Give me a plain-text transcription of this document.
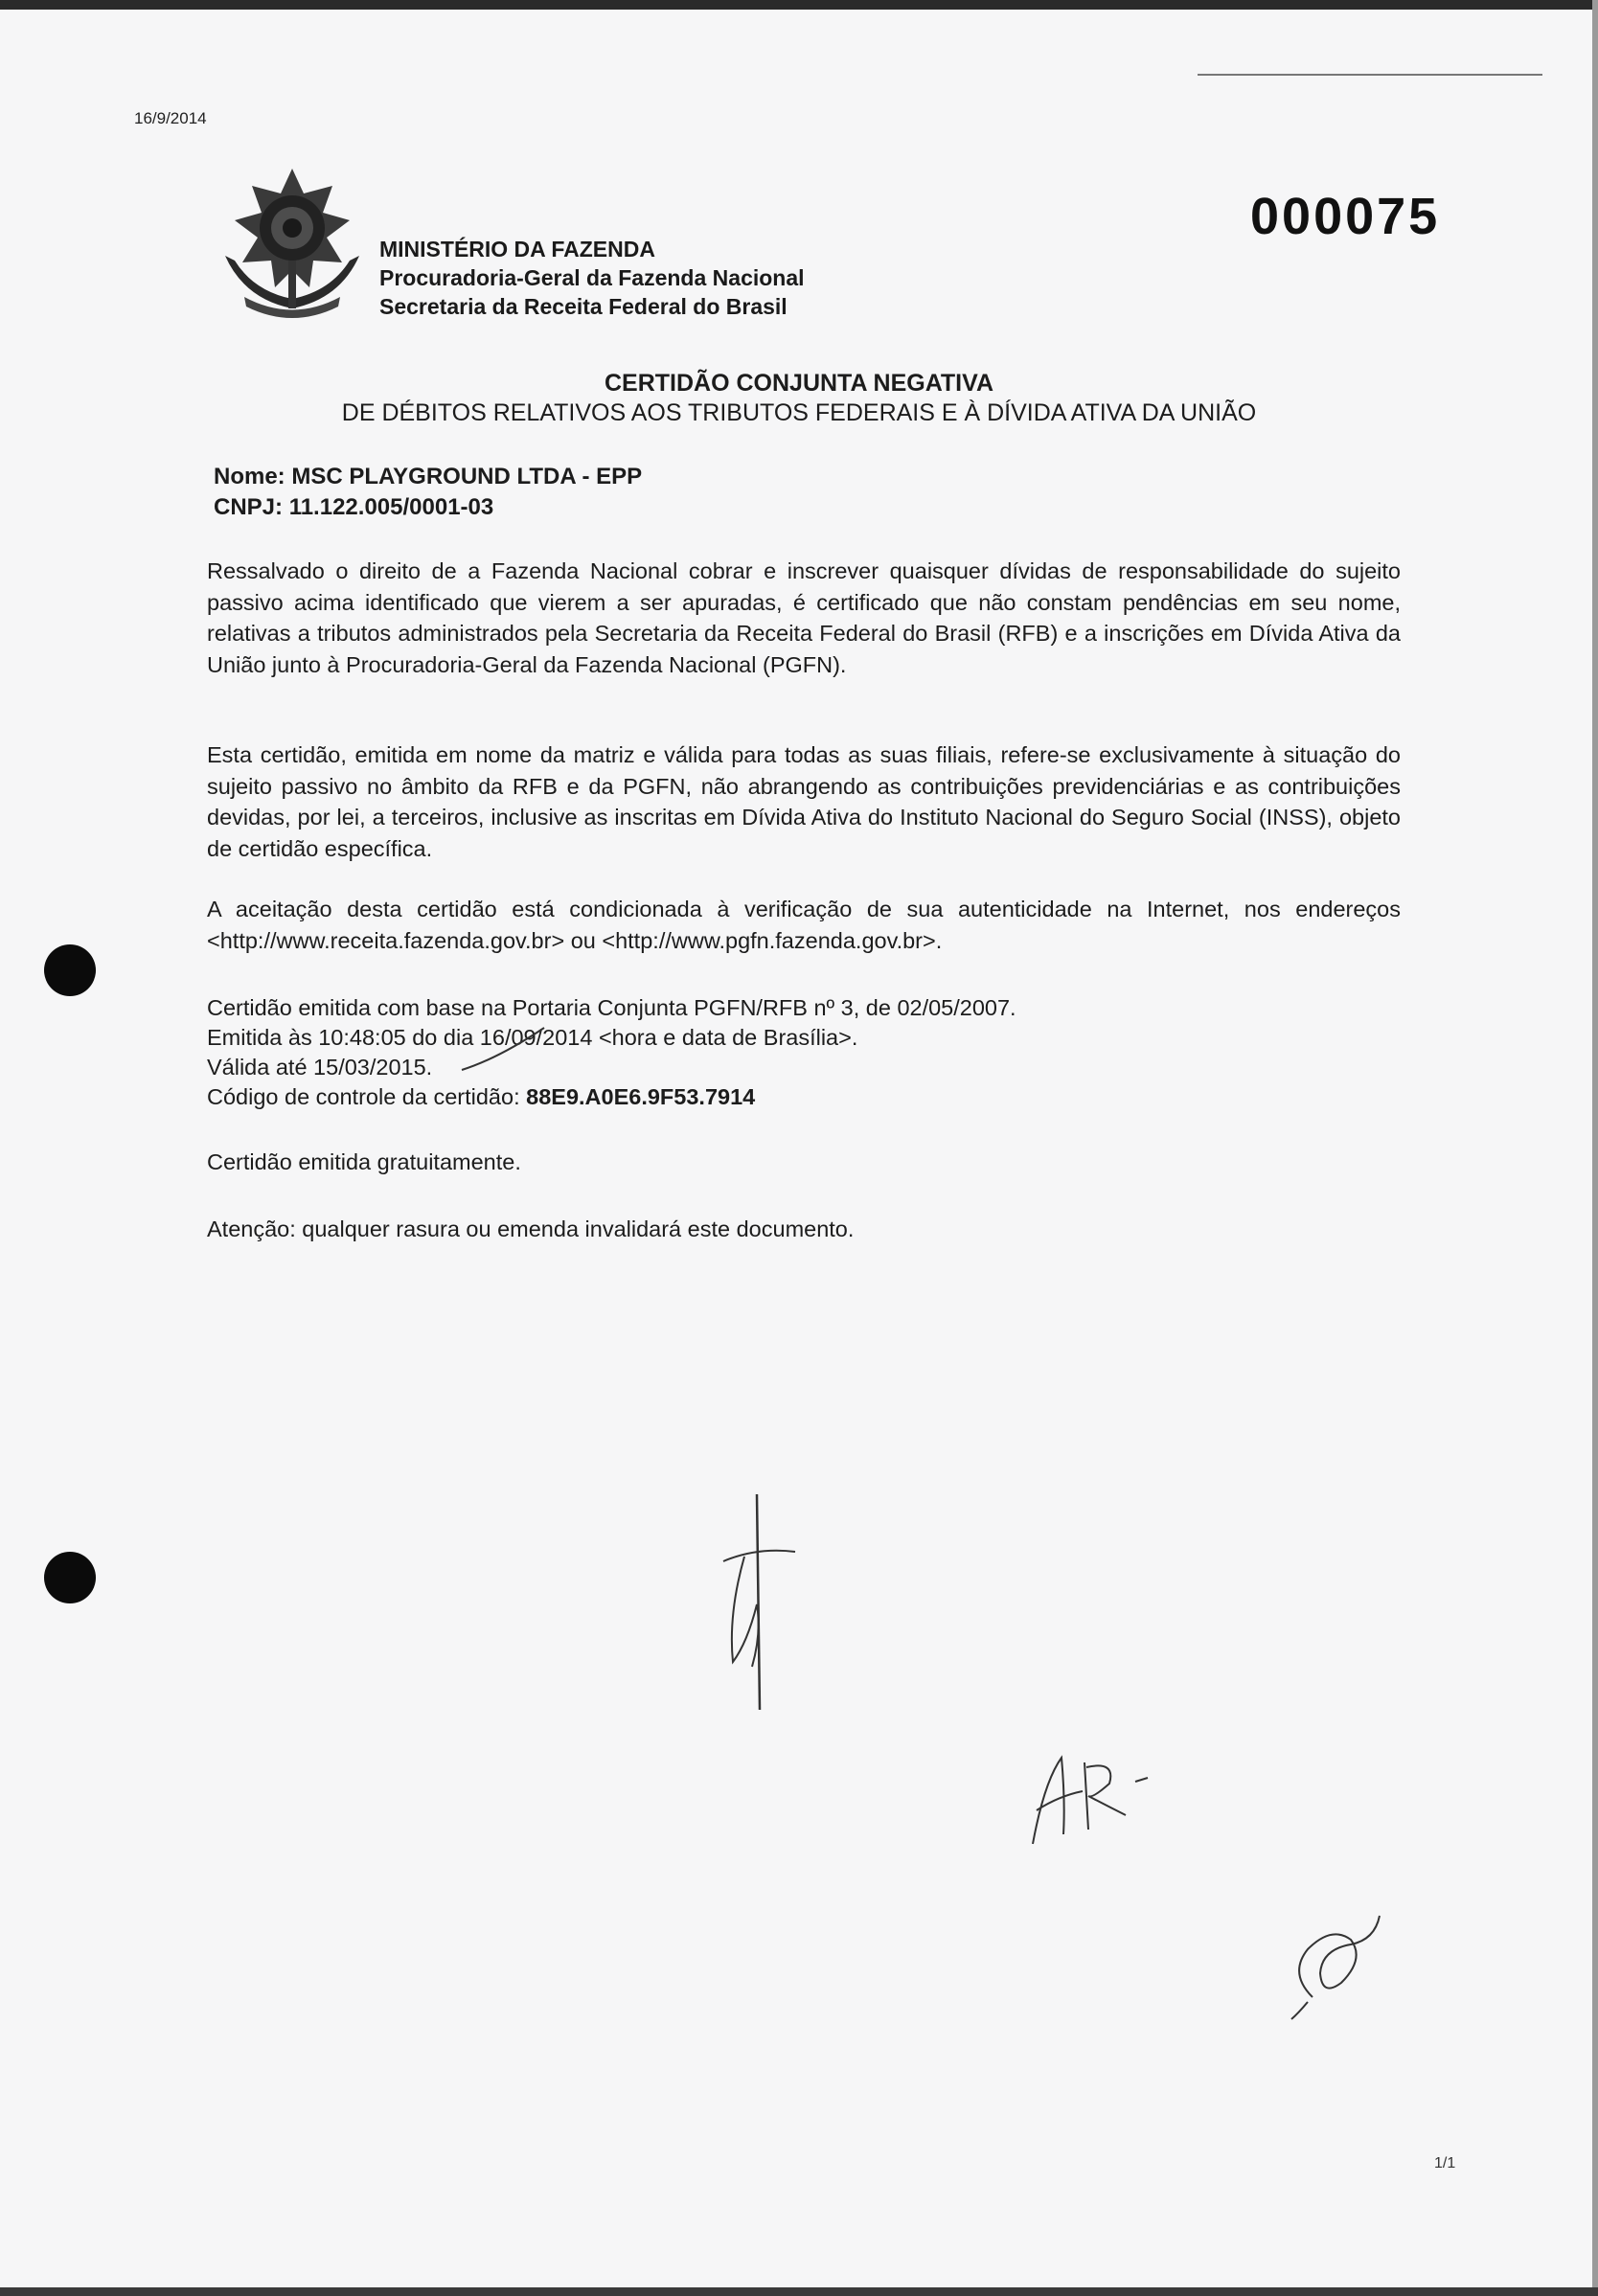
16/9/2014
MINISTÉRIO DA FAZENDA
Procuradoria-Geral da Fazenda Nacional
Secretaria da Receita Federal do Brasil
000075
CERTIDÃO CONJUNTA NEGATIVA
DE DÉBITOS RELATIVOS AOS TRIBUTOS FEDERAIS E À DÍVIDA ATIVA DA UNIÃO
Nome: MSC PLAYGROUND LTDA - EPP
CNPJ: 11.122.005/0001-03
Ressalvado o direito de a Fazenda Nacional cobrar e inscrever quaisquer dívidas de responsabilidade do sujeito passivo acima identificado que vierem a ser apuradas, é certificado que não constam pendências em seu nome, relativas a tributos administrados pela Secretaria da Receita Federal do Brasil (RFB) e a inscrições em Dívida Ativa da União junto à Procuradoria-Geral da Fazenda Nacional (PGFN).
Esta certidão, emitida em nome da matriz e válida para todas as suas filiais, refere-se exclusivamente à situação do sujeito passivo no âmbito da RFB e da PGFN, não abrangendo as contribuições previdenciárias e as contribuições devidas, por lei, a terceiros, inclusive as inscritas em Dívida Ativa do Instituto Nacional do Seguro Social (INSS), objeto de certidão específica.
A aceitação desta certidão está condicionada à verificação de sua autenticidade na Internet, nos endereços <http://www.receita.fazenda.gov.br> ou <http://www.pgfn.fazenda.gov.br>.
Certidão emitida com base na Portaria Conjunta PGFN/RFB nº 3, de 02/05/2007.
Emitida às 10:48:05 do dia 16/09/2014 <hora e data de Brasília>.
Válida até 15/03/2015.
Código de controle da certidão: 88E9.A0E6.9F53.7914
Certidão emitida gratuitamente.
Atenção: qualquer rasura ou emenda invalidará este documento.
1/1
